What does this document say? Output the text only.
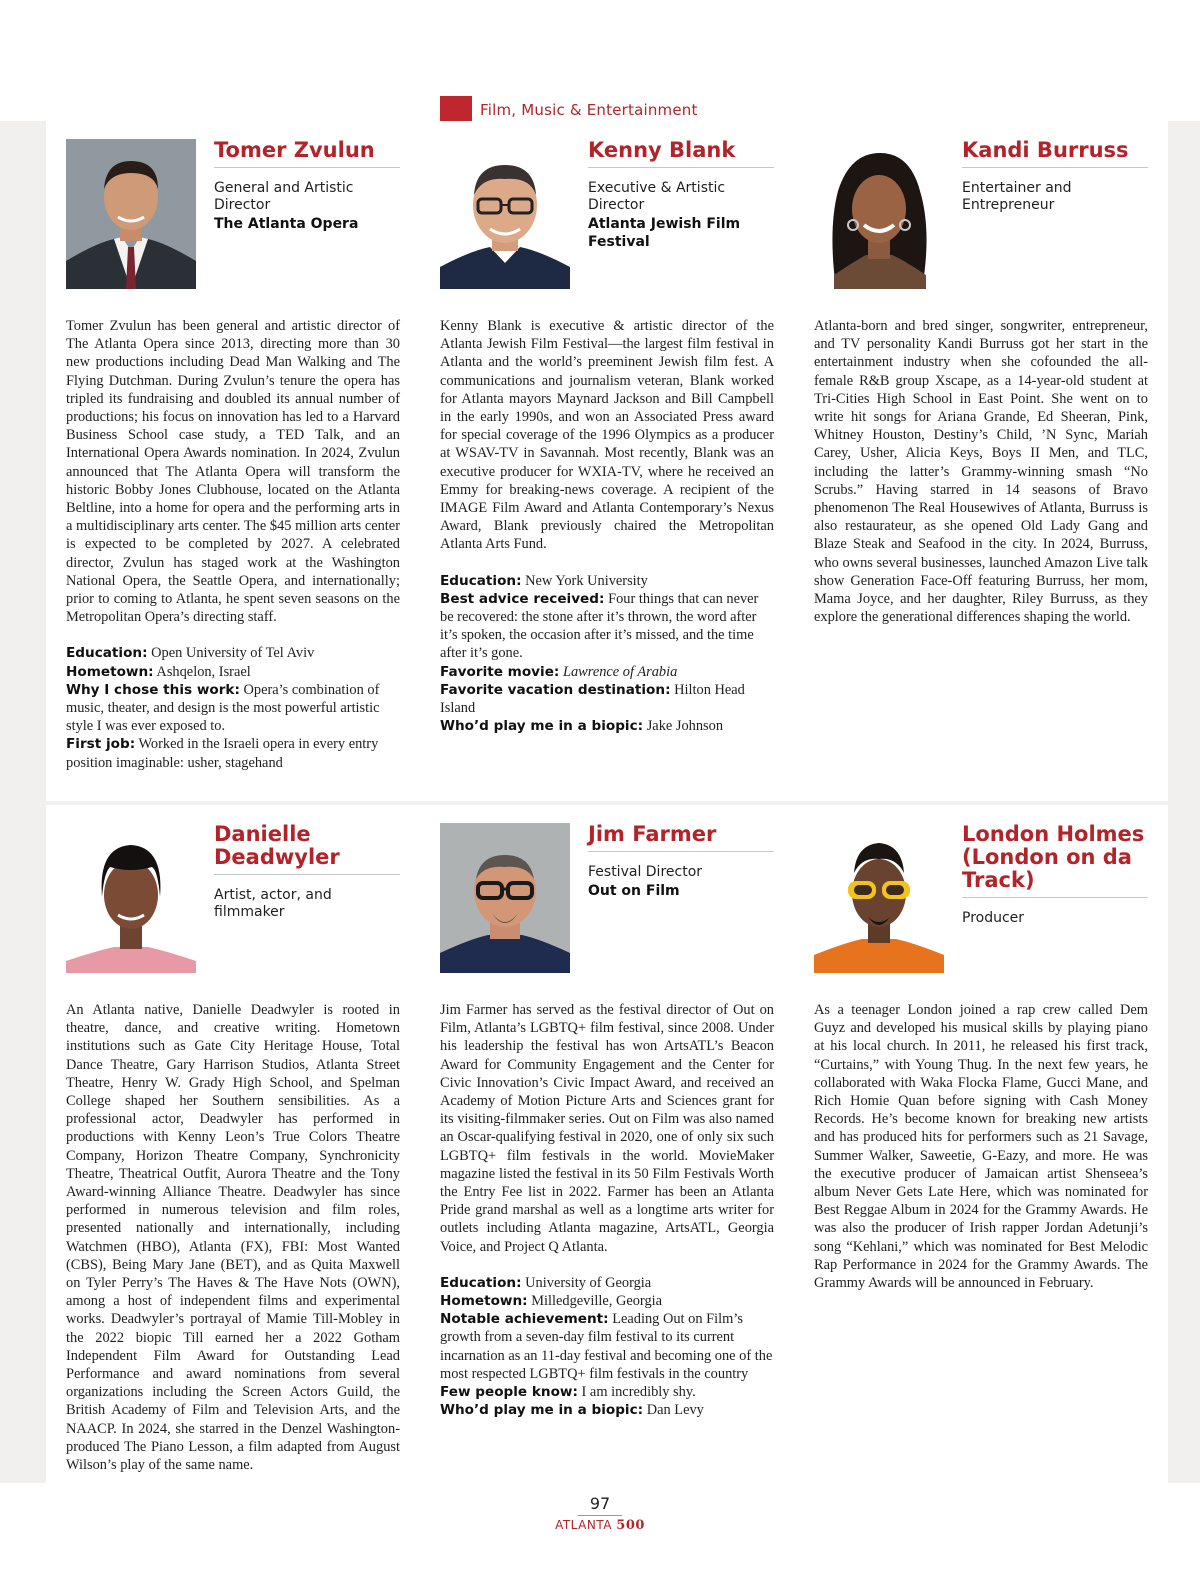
Film, Music & Entertainment
Tomer Zvulun
General and Artistic Director
The Atlanta Opera
Tomer Zvulun has been general and artistic director of The Atlanta Opera since 2013, directing more than 30 new productions including Dead Man Walking and The Flying Dutchman. During Zvulun’s tenure the opera has tripled its fundraising and doubled its annual number of productions; his focus on innovation has led to a Harvard Business School case study, a TED Talk, and an International Opera Awards nomination. In 2024, Zvulun announced that The Atlanta Opera will transform the historic Bobby Jones Clubhouse, located on the Atlanta Beltline, into a home for opera and the performing arts in a multidisciplinary arts center. The $45 million arts center is expected to be completed by 2027. A celebrated director, Zvulun has staged work at the Washington National Opera, the Seattle Opera, and internationally; prior to coming to Atlanta, he spent seven seasons on the Metropolitan Opera’s directing staff.

Education: Open University of Tel Aviv

Hometown: Ashqelon, Israel

Why I chose this work: Opera’s combination of music, theater, and design is the most powerful artistic style I was ever exposed to.

First job: Worked in the Israeli opera in every entry position imaginable: usher, stagehand

Kenny Blank
Executive & Artistic Director
Atlanta Jewish Film Festival
Kenny Blank is executive & artistic director of the Atlanta Jewish Film Festival—the largest film festival in Atlanta and the world’s preeminent Jewish film fest. A communications and journalism veteran, Blank worked for Atlanta mayors Maynard Jackson and Bill Campbell in the early 1990s, and won an Associated Press award for special coverage of the 1996 Olympics as a producer at WSAV-TV in Savannah. Most recently, Blank was an executive producer for WXIA-TV, where he received an Emmy for breaking-news coverage. A recipient of the IMAGE Film Award and Atlanta Contemporary’s Nexus Award, Blank previously chaired the Metropolitan Atlanta Arts Fund.

Education: New York University

Best advice received: Four things that can never be recovered: the stone after it’s thrown, the word after it’s spoken, the occasion after it’s missed, and the time after it’s gone.

Favorite movie: Lawrence of Arabia

Favorite vacation destination: Hilton Head Island

Who’d play me in a biopic: Jake Johnson

Kandi Burruss
Entertainer and Entrepreneur
Atlanta-born and bred singer, songwriter, entrepreneur, and TV personality Kandi Burruss got her start in the entertainment industry when she cofounded the all-female R&B group Xscape, as a 14-year-old student at Tri-Cities High School in East Point. She went on to write hit songs for Ariana Grande, Ed Sheeran, Pink, Whitney Houston, Destiny’s Child, ’N Sync, Mariah Carey, Usher, Alicia Keys, Boys II Men, and TLC, including the latter’s Grammy-winning smash “No Scrubs.” Having starred in 14 seasons of Bravo phenomenon The Real Housewives of Atlanta, Burruss is also restaurateur, as she opened Old Lady Gang and Blaze Steak and Seafood in the city. In 2024, Burruss, who owns several businesses, launched Amazon Live talk show Generation Face-Off featuring Burruss, her mom, Mama Joyce, and her daughter, Riley Burruss, as they explore the generational differences shaping the world.
Danielle Deadwyler
Artist, actor, and filmmaker
An Atlanta native, Danielle Deadwyler is rooted in theatre, dance, and creative writing. Hometown institutions such as Gate City Heritage House, Total Dance Theatre, Gary Harrison Studios, Atlanta Street Theatre, Henry W. Grady High School, and Spelman College shaped her Southern sensibilities. As a professional actor, Deadwyler has performed in productions with Kenny Leon’s True Colors Theatre Company, Horizon Theatre Company, Synchronicity Theatre, Theatrical Outfit, Aurora Theatre and the Tony Award-winning Alliance Theatre. Deadwyler has since performed in numerous television and film roles, presented nationally and internationally, including Watchmen (HBO), Atlanta (FX), FBI: Most Wanted (CBS), Being Mary Jane (BET), and as Quita Maxwell on Tyler Perry’s The Haves & The Have Nots (OWN), among a host of independent films and experimental works. Deadwyler’s portrayal of Mamie Till-Mobley in the 2022 biopic Till earned her a 2022 Gotham Independent Film Award for Outstanding Lead Performance and award nominations from several organizations including the Screen Actors Guild, the British Academy of Film and Television Arts, and the NAACP. In 2024, she starred in the Denzel Washington-produced The Piano Lesson, a film adapted from August Wilson’s play of the same name.
Jim Farmer
Festival Director
Out on Film
Jim Farmer has served as the festival director of Out on Film, Atlanta’s LGBTQ+ film festival, since 2008. Under his leadership the festival has won ArtsATL’s Beacon Award for Community Engagement and the Center for Civic Innovation’s Civic Impact Award, and received an Academy of Motion Picture Arts and Sciences grant for its visiting-filmmaker series. Out on Film was also named an Oscar-qualifying festival in 2020, one of only six such LGBTQ+ film festivals in the world. MovieMaker magazine listed the festival in its 50 Film Festivals Worth the Entry Fee list in 2022. Farmer has been an Atlanta Pride grand marshal as well as a longtime arts writer for outlets including Atlanta magazine, ArtsATL, Georgia Voice, and Project Q Atlanta.

Education: University of Georgia

Hometown: Milledgeville, Georgia

Notable achievement: Leading Out on Film’s growth from a seven-day film festival to its current incarnation as an 11-day festival and becoming one of the most respected LGBTQ+ film festivals in the country

Few people know: I am incredibly shy.

Who’d play me in a biopic: Dan Levy

London Holmes (London on da Track)
Producer
As a teenager London joined a rap crew called Dem Guyz and developed his musical skills by playing piano at his local church. In 2011, he released his first track, “Curtains,” with Young Thug. In the next few years, he collaborated with Waka Flocka Flame, Gucci Mane, and Rich Homie Quan before signing with Cash Money Records. He’s become known for breaking new artists and has produced hits for performers such as 21 Savage, Summer Walker, Saweetie, G-Eazy, and more. He was the executive producer of Jamaican artist Shenseea’s album Never Gets Late Here, which was nominated for Best Reggae Album in 2024 for the Grammy Awards. He was also the producer of Irish rapper Jordan Adetunji’s song “Kehlani,” which was nominated for Best Melodic Rap Performance in 2024 for the Grammy Awards. The Grammy Awards will be announced in February.
97
ATLANTA 500
